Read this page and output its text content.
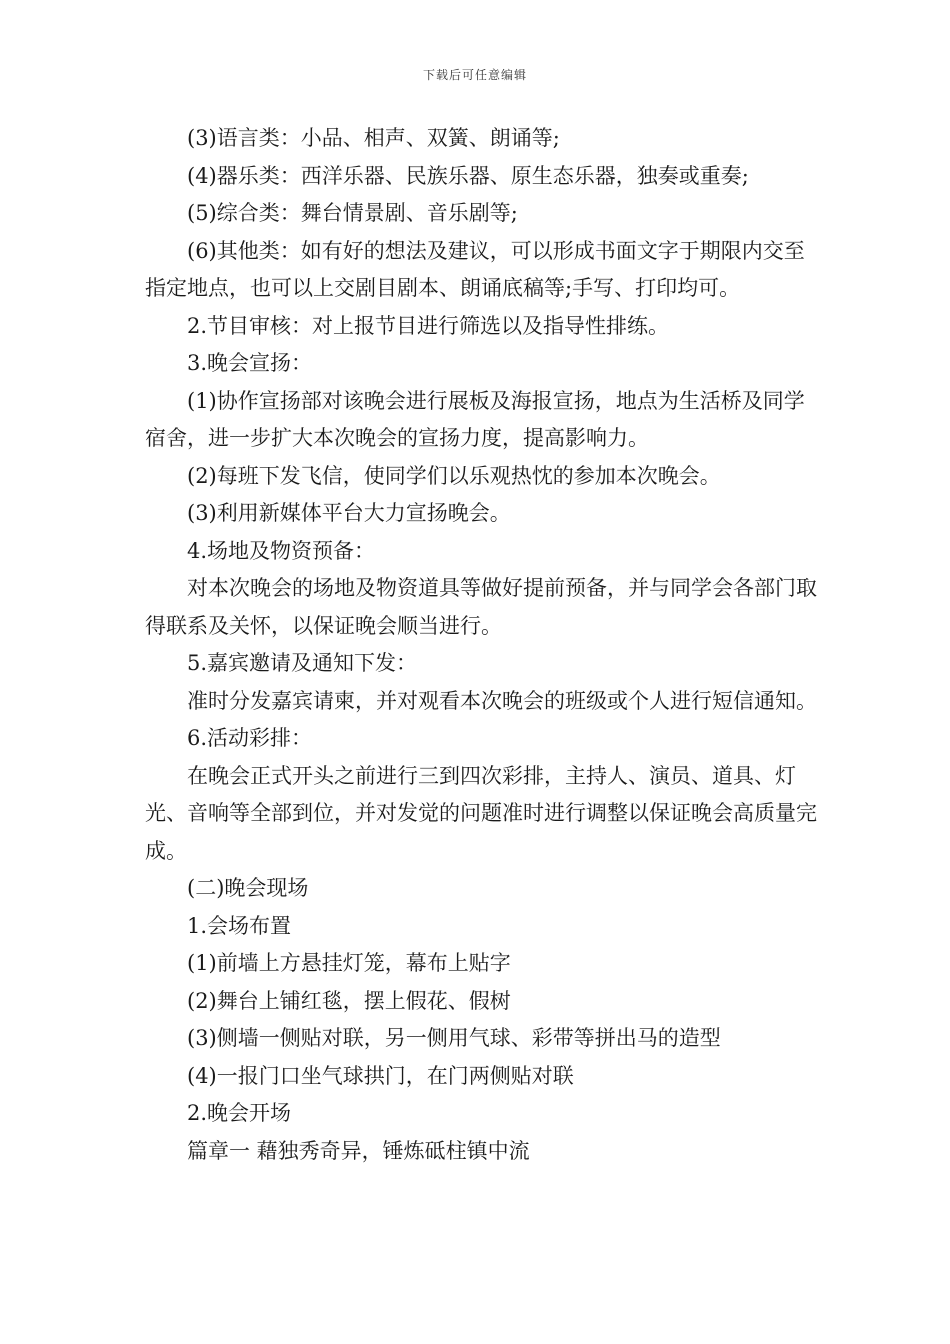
下载后可任意编辑

(3)语言类：小品、相声、双簧、朗诵等;

(4)器乐类：西洋乐器、民族乐器、原生态乐器，独奏或重奏;

(5)综合类：舞台情景剧、音乐剧等;

(6)其他类：如有好的想法及建议，可以形成书面文字于期限内交至指定地点，也可以上交剧目剧本、朗诵底稿等;手写、打印均可。

2.节目审核：对上报节目进行筛选以及指导性排练。

3.晚会宣扬：

(1)协作宣扬部对该晚会进行展板及海报宣扬，地点为生活桥及同学宿舍，进一步扩大本次晚会的宣扬力度，提高影响力。

(2)每班下发飞信，使同学们以乐观热忱的参加本次晚会。

(3)利用新媒体平台大力宣扬晚会。

4.场地及物资预备：

对本次晚会的场地及物资道具等做好提前预备，并与同学会各部门取得联系及关怀，以保证晚会顺当进行。

5.嘉宾邀请及通知下发：

准时分发嘉宾请柬，并对观看本次晚会的班级或个人进行短信通知。

6.活动彩排：

在晚会正式开头之前进行三到四次彩排，主持人、演员、道具、灯光、音响等全部到位，并对发觉的问题准时进行调整以保证晚会高质量完成。

(二)晚会现场

1.会场布置

(1)前墙上方悬挂灯笼，幕布上贴字

(2)舞台上铺红毯，摆上假花、假树

(3)侧墙一侧贴对联，另一侧用气球、彩带等拼出马的造型

(4)一报门口坐气球拱门，在门两侧贴对联

2.晚会开场

篇章一 藉独秀奇异，锤炼砥柱镇中流
